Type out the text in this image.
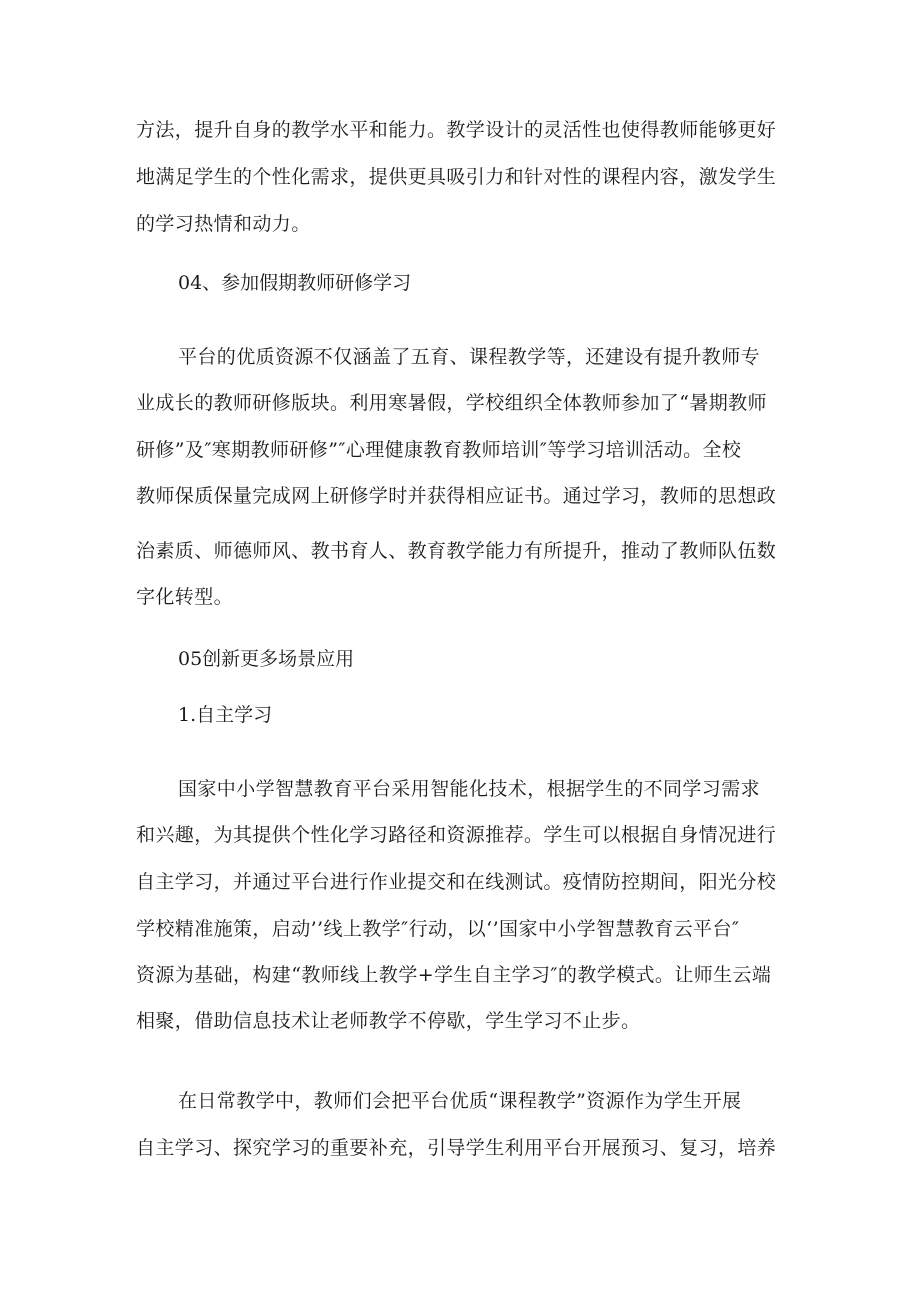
方法，提升自身的教学水平和能力。教学设计的灵活性也使得教师能够更好
地满足学生的个性化需求，提供更具吸引力和针对性的课程内容，激发学生
的学习热情和动力。
04、参加假期教师研修学习
平台的优质资源不仅涵盖了五育、课程教学等，还建设有提升教师专
业成长的教师研修版块。利用寒暑假，学校组织全体教师参加了“暑期教师
研修”及″寒期教师研修”″心理健康教育教师培训″等学习培训活动。全校
教师保质保量完成网上研修学时并获得相应证书。通过学习，教师的思想政
治素质、师德师风、教书育人、教育教学能力有所提升，推动了教师队伍数
字化转型。
05创新更多场景应用
1.自主学习
国家中小学智慧教育平台采用智能化技术，根据学生的不同学习需求
和兴趣，为其提供个性化学习路径和资源推荐。学生可以根据自身情况进行
自主学习，并通过平台进行作业提交和在线测试。疫情防控期间，阳光分校
学校精准施策，启动’’线上教学″行动，以‘’国家中小学智慧教育云平台″
资源为基础，构建“教师线上教学+学生自主学习″的教学模式。让师生云端
相聚，借助信息技术让老师教学不停歇，学生学习不止步。
在日常教学中，教师们会把平台优质“课程教学”资源作为学生开展
自主学习、探究学习的重要补充，引导学生利用平台开展预习、复习，培养
